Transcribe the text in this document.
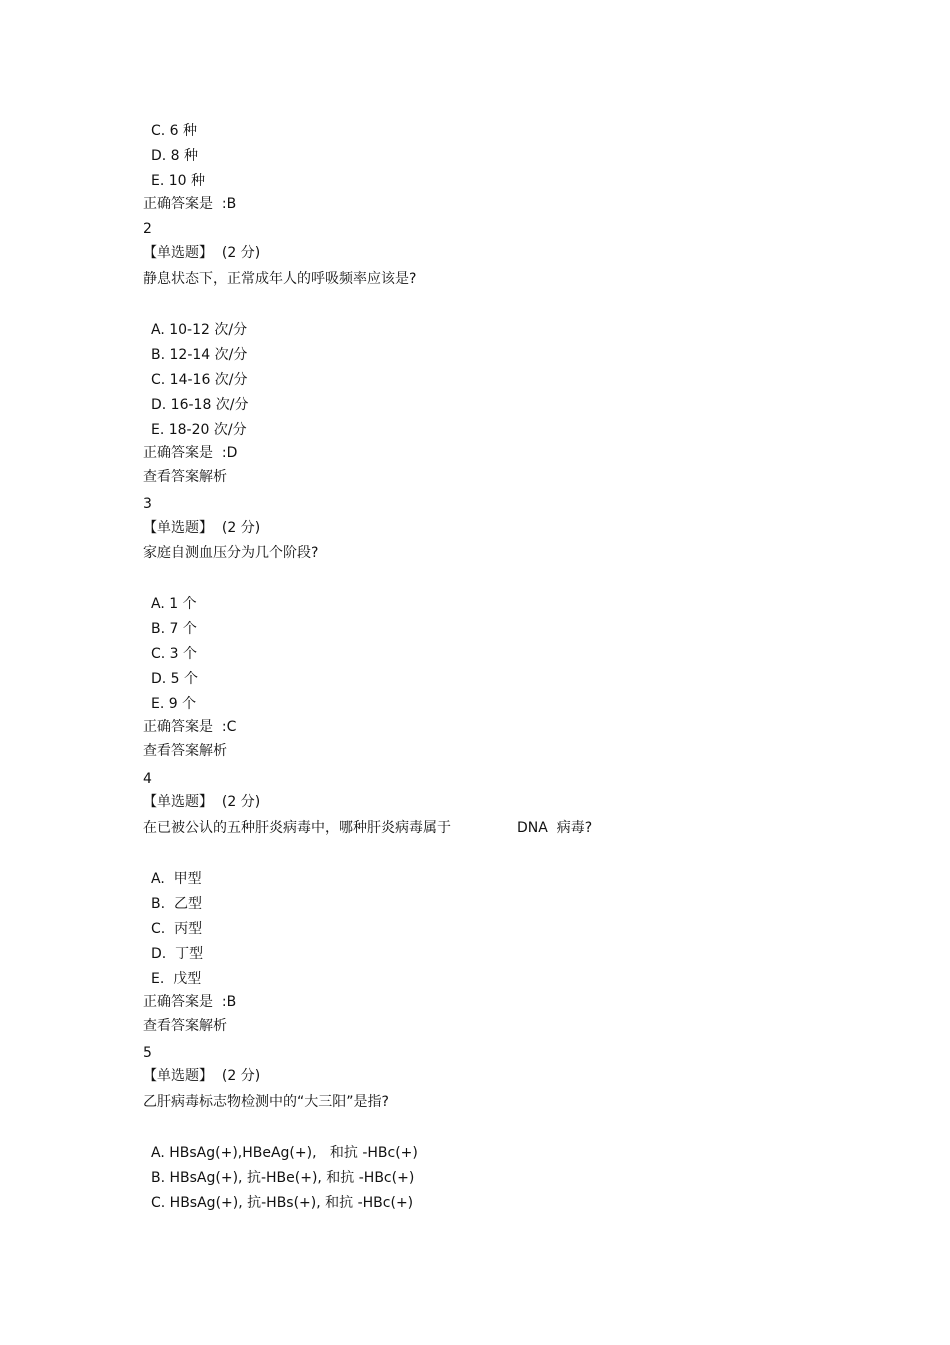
C. 6 种
D. 8 种
E. 10 种
正确答案是  :B
2
【单选题】  (2 分)
静息状态下，正常成年人的呼吸频率应该是?
A. 10-12 次/分
B. 12-14 次/分
C. 14-16 次/分
D. 16-18 次/分
E. 18-20 次/分
正确答案是  :D
查看答案解析
3
【单选题】  (2 分)
家庭自测血压分为几个阶段?
A. 1 个
B. 7 个
C. 3 个
D. 5 个
E. 9 个
正确答案是  :C
查看答案解析
4
【单选题】  (2 分)
在已被公认的五种肝炎病毒中，哪种肝炎病毒属于	DNA  病毒?
A.  甲型
B.  乙型
C.  丙型
D.  丁型
E.  戊型
正确答案是  :B
查看答案解析
5
【单选题】  (2 分)
乙肝病毒标志物检测中的“大三阳”是指?
A. HBsAg(+),HBeAg(+),   和抗 -HBc(+)
B. HBsAg(+), 抗-HBe(+), 和抗 -HBc(+)
C. HBsAg(+), 抗-HBs(+), 和抗 -HBc(+)
